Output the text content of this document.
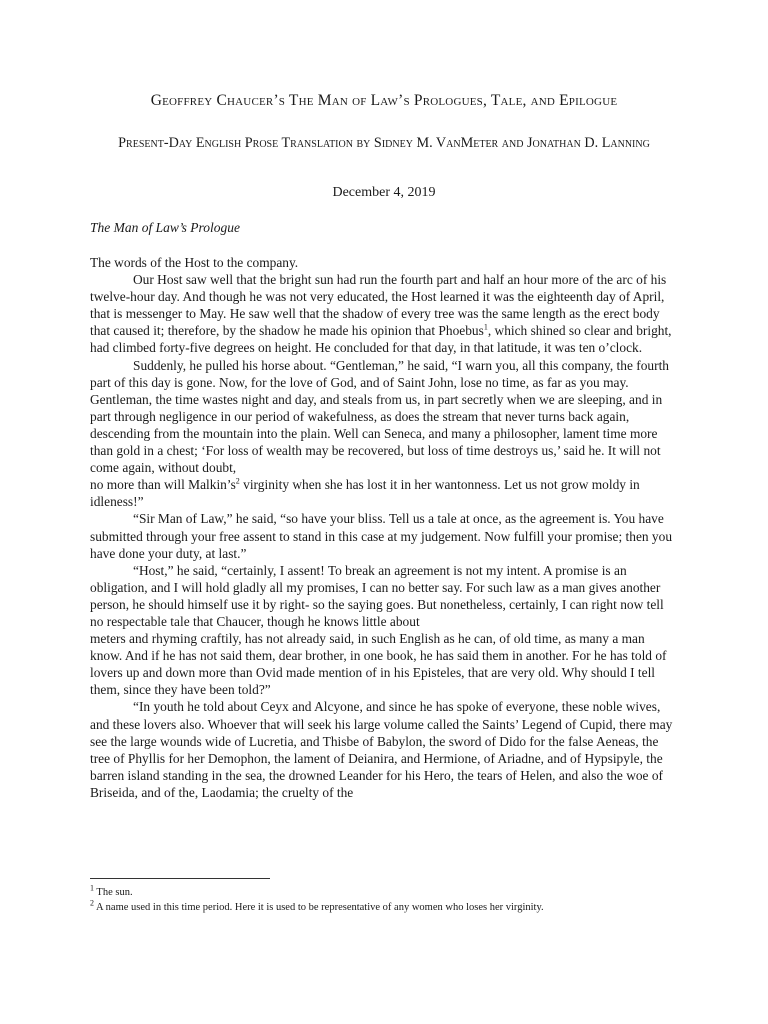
Geoffrey Chaucer’s The Man of Law’s Prologues, Tale, and Epilogue
Present-Day English Prose Translation by Sidney M. VanMeter and Jonathan D. Lanning
December 4, 2019
The Man of Law’s Prologue

The words of the Host to the company.

Our Host saw well that the bright sun had run the fourth part and half an hour more of the arc of his twelve-hour day. And though he was not very educated, the Host learned it was the eighteenth day of April, that is messenger to May. He saw well that the shadow of every tree was the same length as the erect body that caused it; therefore, by the shadow he made his opinion that Phoebus$^1$, which shined so clear and bright, had climbed forty-five degrees on height. He concluded for that day, in that latitude, it was ten o’clock.

Suddenly, he pulled his horse about. “Gentleman,” he said, “I warn you, all this company, the fourth part of this day is gone. Now, for the love of God, and of Saint John, lose no time, as far as you may. Gentleman, the time wastes night and day, and steals from us, in part secretly when we are sleeping, and in part through negligence in our period of wakefulness, as does the stream that never turns back again, descending from the mountain into the plain. Well can Seneca, and many a philosopher, lament time more than gold in a chest; ‘For loss of wealth may be recovered, but loss of time destroys us,’ said he. It will not come again, without doubt,

no more than will $Malkin’s^2$ virginity when she has lost it in her wantonness. Let us not grow moldy in idleness!”

“Sir Man of Law,” he said, “so have your bliss. Tell us a tale at once, as the agreement is. You have submitted through your free assent to stand in this case at my judgement. Now fulfill your promise; then you have done your duty, at last.”

“Host,” he said, “certainly, I assent! To break an agreement is not my intent. A promise is an obligation, and I will hold gladly all my promises, I can no better say. For such law as a man gives another person, he should himself use it by right- so the saying goes. But nonetheless, certainly, I can right now tell no respectable tale that Chaucer, though he knows little about

meters and rhyming craftily, has not already said, in such English as he can, of old time, as many a man know. And if he has not said them, dear brother, in one book, he has said them in another. For he has told of lovers up and down more than Ovid made mention of in his Episteles, that are very old. Why should I tell them, since they have been told?”

“In youth he told about Ceyx and Alcyone, and since he has spoke of everyone, these noble wives, and these lovers also. Whoever that will seek his large volume called the Saints’ Legend of Cupid, there may see the large wounds wide of Lucretia, and Thisbe of Babylon, the sword of Dido for the false Aeneas, the tree of Phyllis for her Demophon, the lament of Deianira, and Hermione, of Ariadne, and of Hypsipyle, the barren island standing in the sea, the drowned Leander for his Hero, the tears of Helen, and also the woe of Briseida, and of the, Laodamia; the cruelty of the

$^1$ The sun.
$^2$ A name used in this time period. Here it is used to be representative of any women who loses her virginity.
